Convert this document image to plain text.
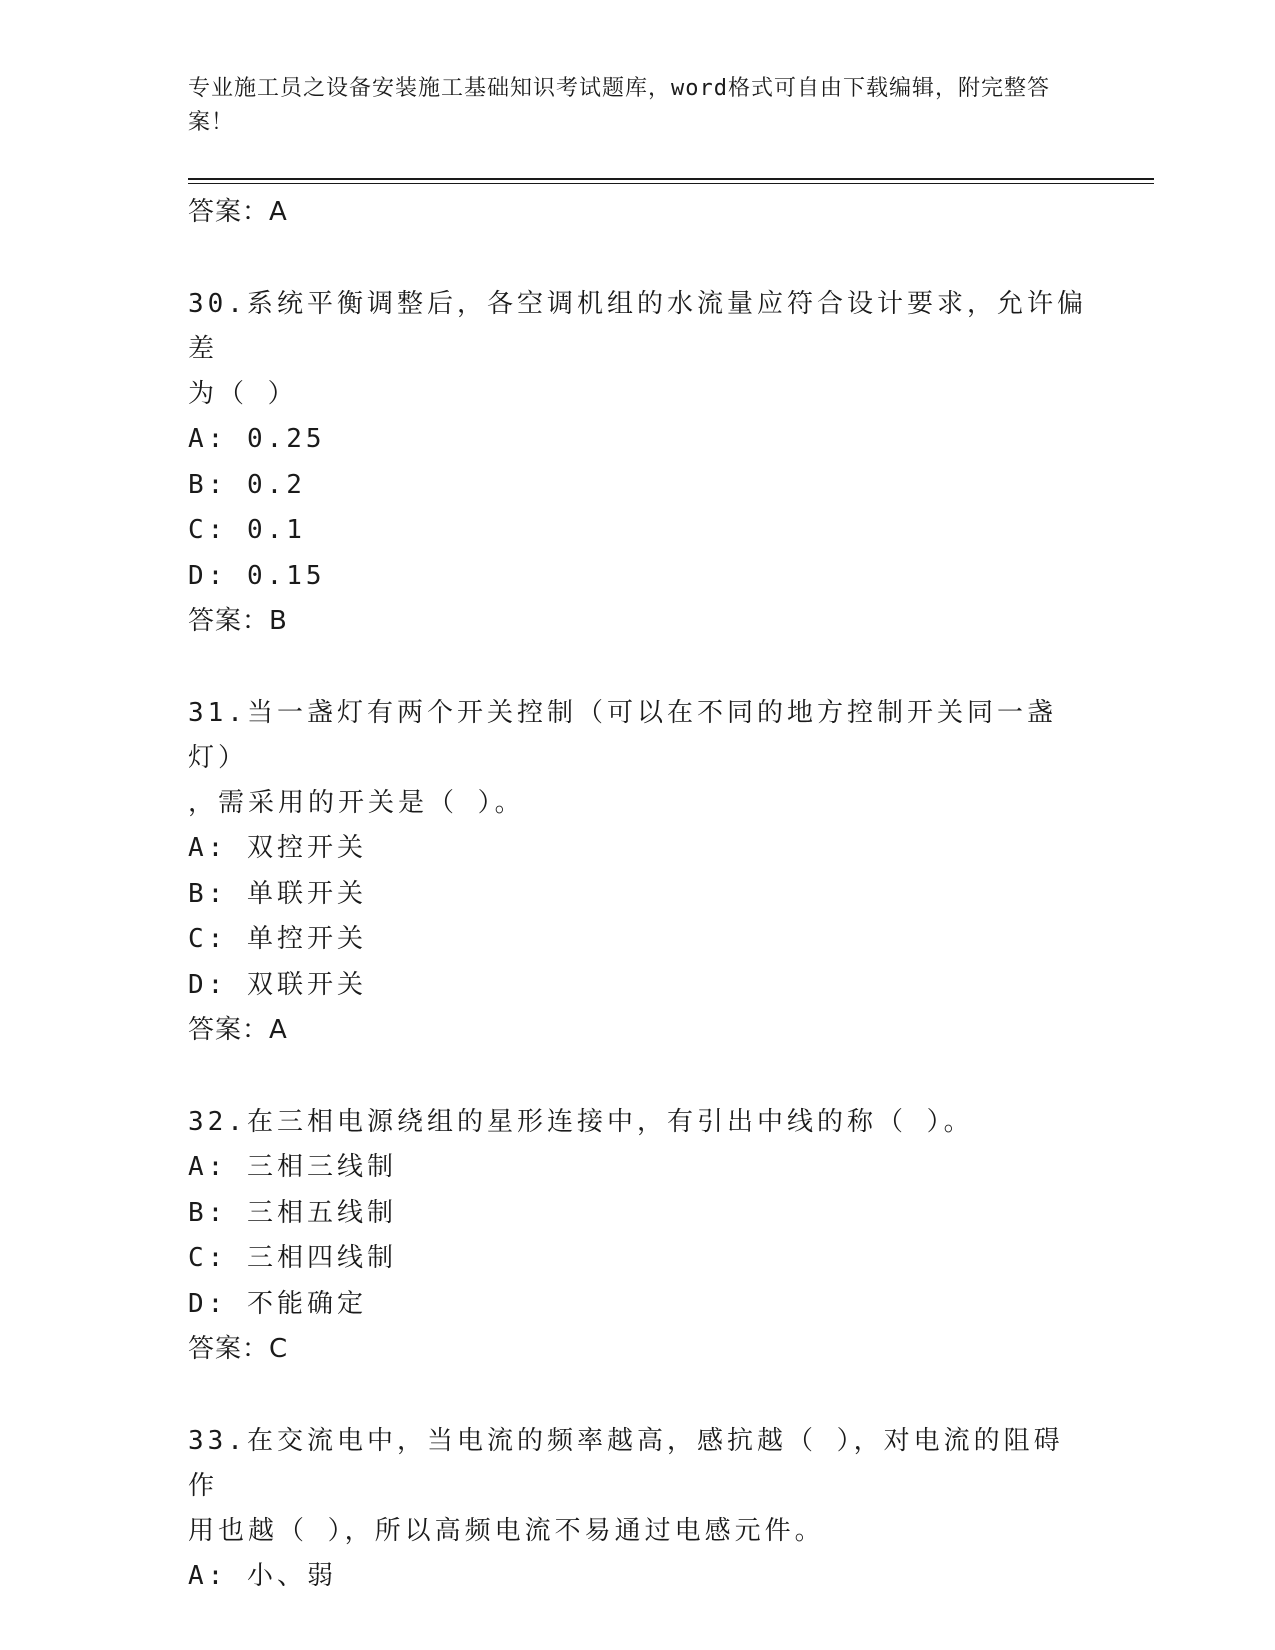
专业施工员之设备安装施工基础知识考试题库，word格式可自由下载编辑，附完整答案！
答案：A
30.系统平衡调整后，各空调机组的水流量应符合设计要求，允许偏差
为（ ）
A: 0.25
B: 0.2
C: 0.1
D: 0.15
答案：B
31.当一盏灯有两个开关控制（可以在不同的地方控制开关同一盏灯）
，需采用的开关是（ ）。
A: 双控开关
B: 单联开关
C: 单控开关
D: 双联开关
答案：A
32.在三相电源绕组的星形连接中，有引出中线的称（ ）。
A: 三相三线制
B: 三相五线制
C: 三相四线制
D: 不能确定
答案：C
33.在交流电中，当电流的频率越高，感抗越（ ），对电流的阻碍作
用也越（ ），所以高频电流不易通过电感元件。
A: 小、弱
